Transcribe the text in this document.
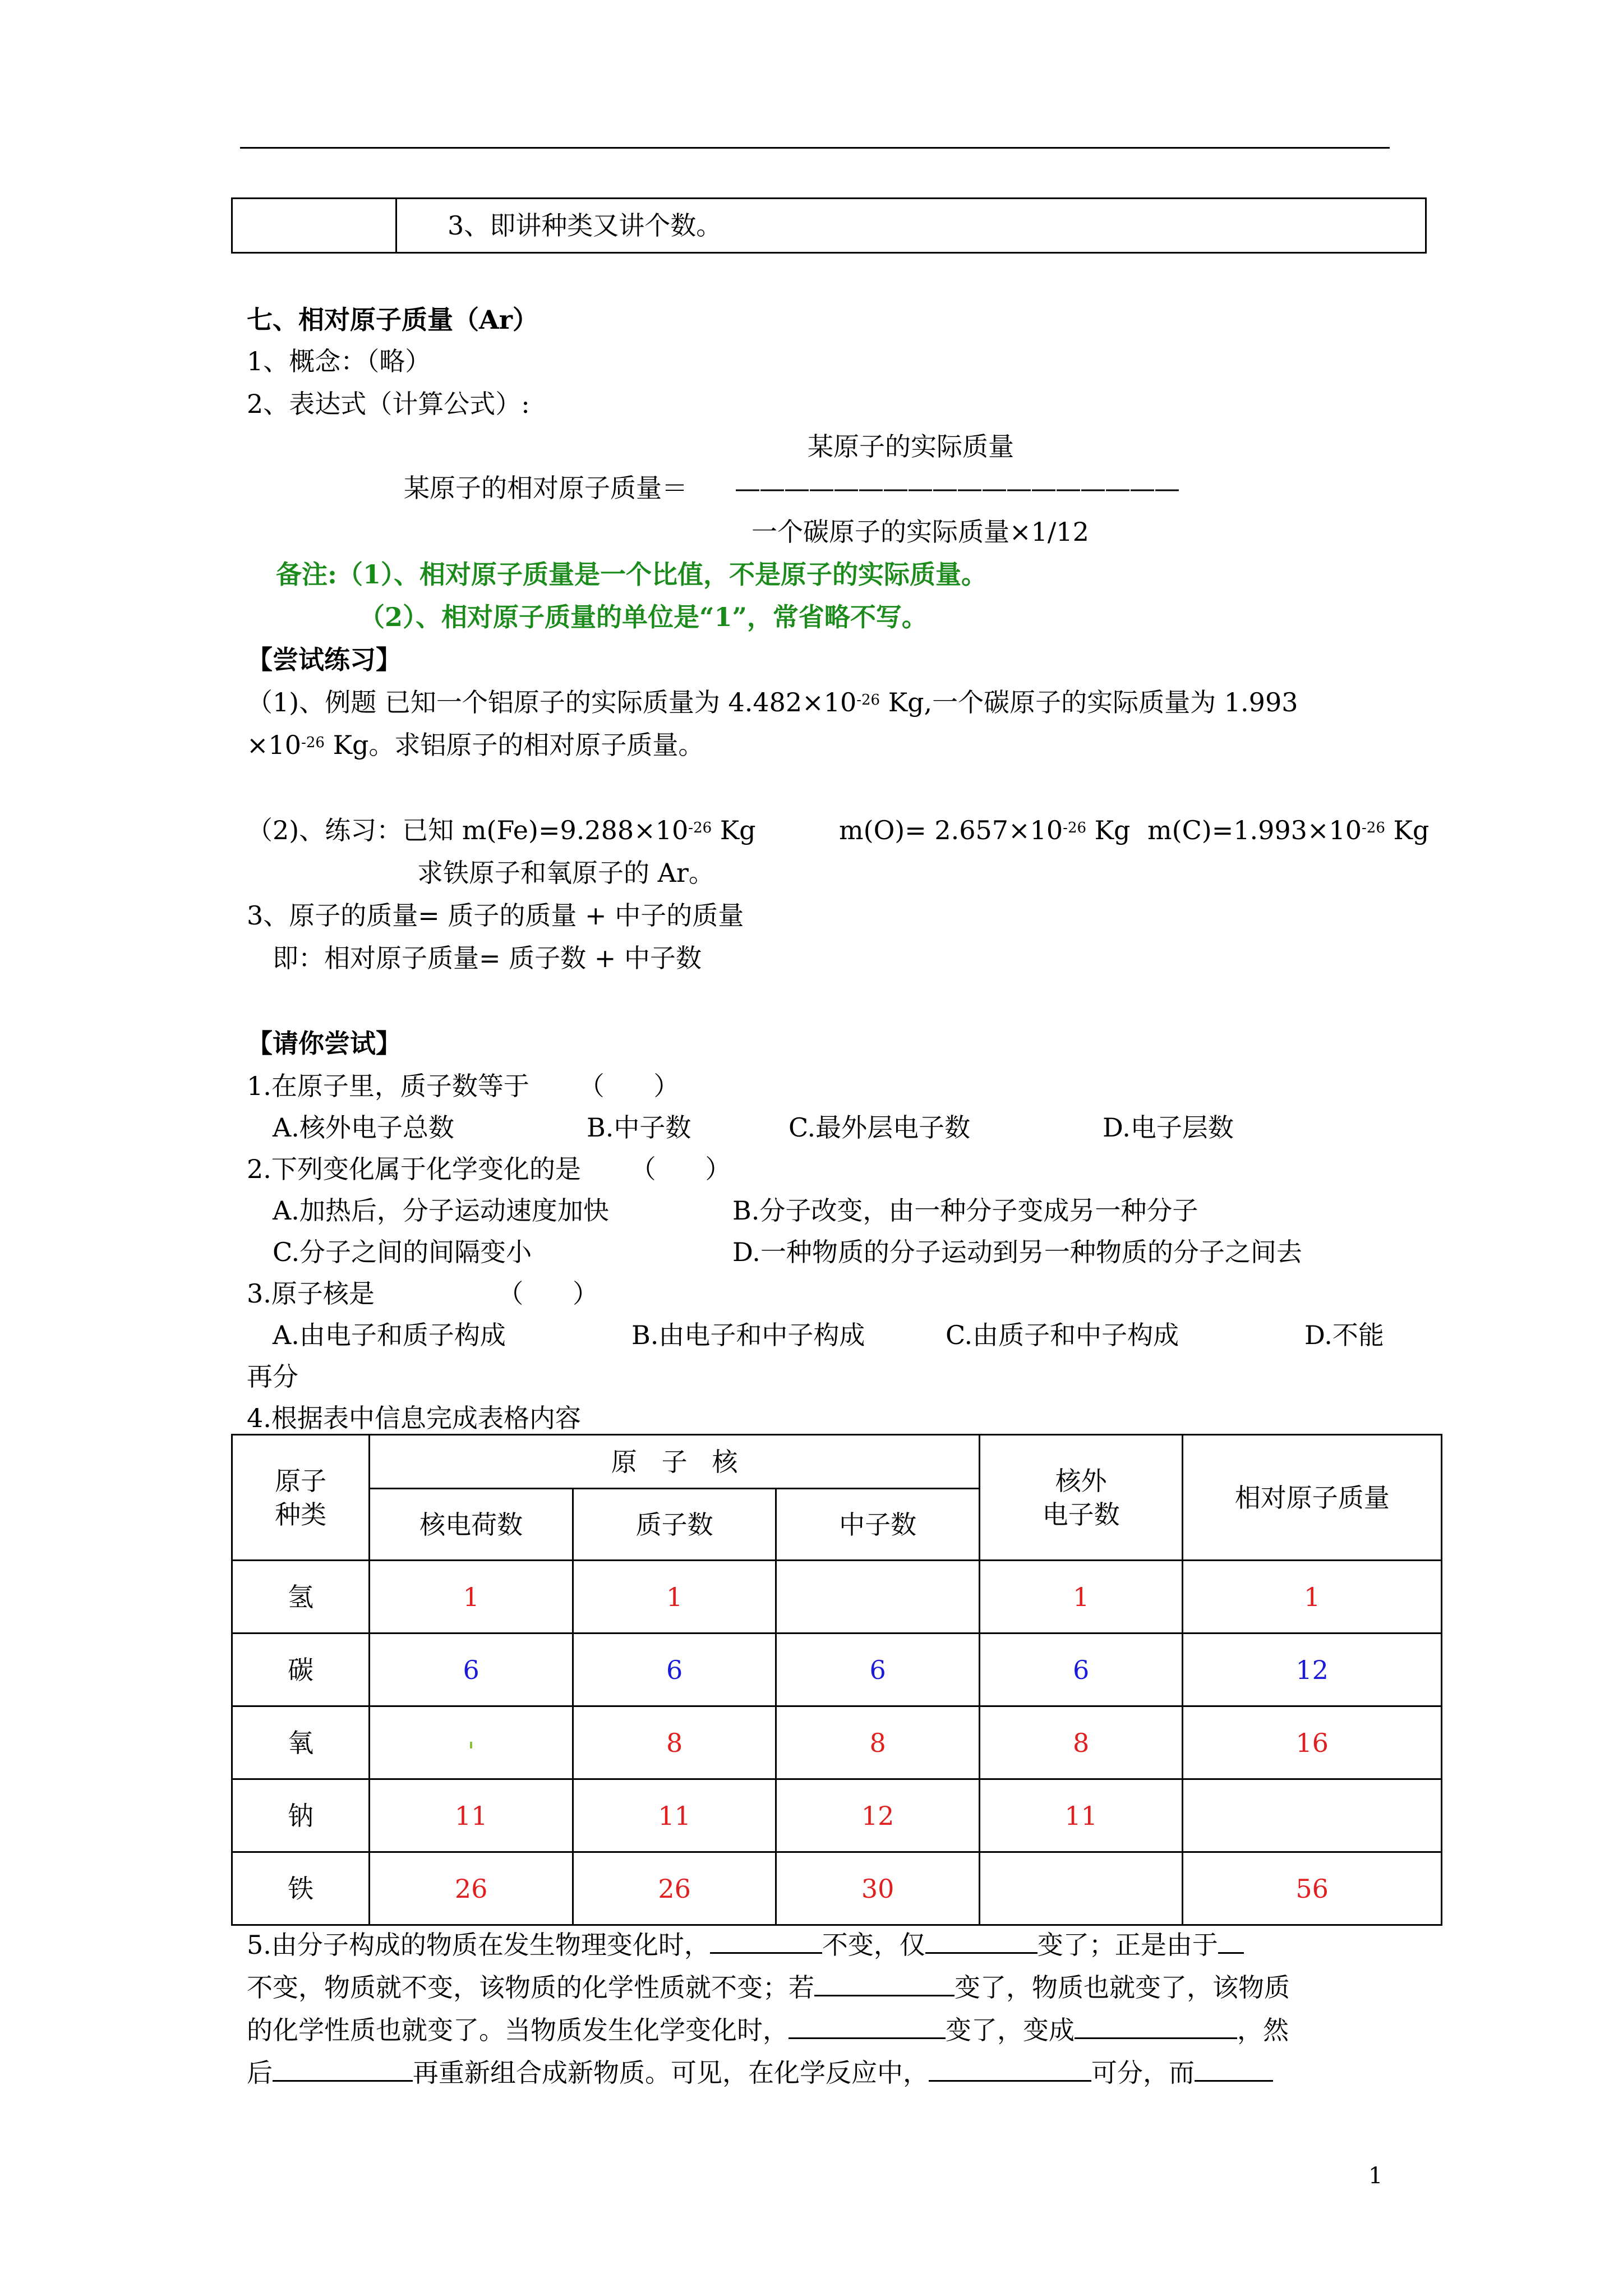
	3、即讲种类又讲个数。
七、相对原子质量（Ar）
1、概念：（略）
2、表达式（计算公式）:
某原子的实际质量
某原子的相对原子质量＝ ——————————————————
一个碳原子的实际质量×1/12
备注:（1）、相对原子质量是一个比值，不是原子的实际质量。
（2）、相对原子质量的单位是“1”，常省略不写。
【尝试练习】
（1)、例题 已知一个铝原子的实际质量为 $4.482\times 10^{-26}$ Kg,一个碳原子的实际质量为 1.993
$\times 10^{-26}$ Kg。求铝原子的相对原子质量。
（2)、练习：已知 $m(Fe)=9.288\times 10^{-26}$ Kg	$m(O)= 2.657\times 10^{-26}$ Kg $m(C)=1.993\times 10^{-26}$ Kg
求铁原子和氧原子的 Ar。
3、原子的质量= 质子的质量 + 中子的质量
即：相对原子质量= 质子数 + 中子数
【请你尝试】
1.在原子里，质子数等于      （      ）
A.核外电子总数	B.中子数	C.最外层电子数	D.电子层数
2.下列变化属于化学变化的是      （      ）
A.加热后，分子运动速度加快	B.分子改变，由一种分子变成另一种分子
C.分子之间的间隔变小	D.一种物质的分子运动到另一种物质的分子之间去
3.原子核是               （      ）
A.由电子和质子构成	B.由电子和中子构成	C.由质子和中子构成	D.不能
再分
4.根据表中信息完成表格内容
原子
种类	原   子   核			核外
电子数	相对原子质量
	核电荷数	质子数	中子数		
氢	1	1		1	1
碳	6	6	6	6	12
氧		8	8	8	16
钠	11	11	12	11	
铁	26	26	30		56
5.由分子构成的物质在发生物理变化时，	不变，仅	变了；正是由于
不变，物质就不变，该物质的化学性质就不变；若	变了，物质也就变了，该物质
的化学性质也就变了。当物质发生化学变化时，	变了，变成	，然
后	再重新组合成新物质。可见，在化学反应中，	可分，而
1
